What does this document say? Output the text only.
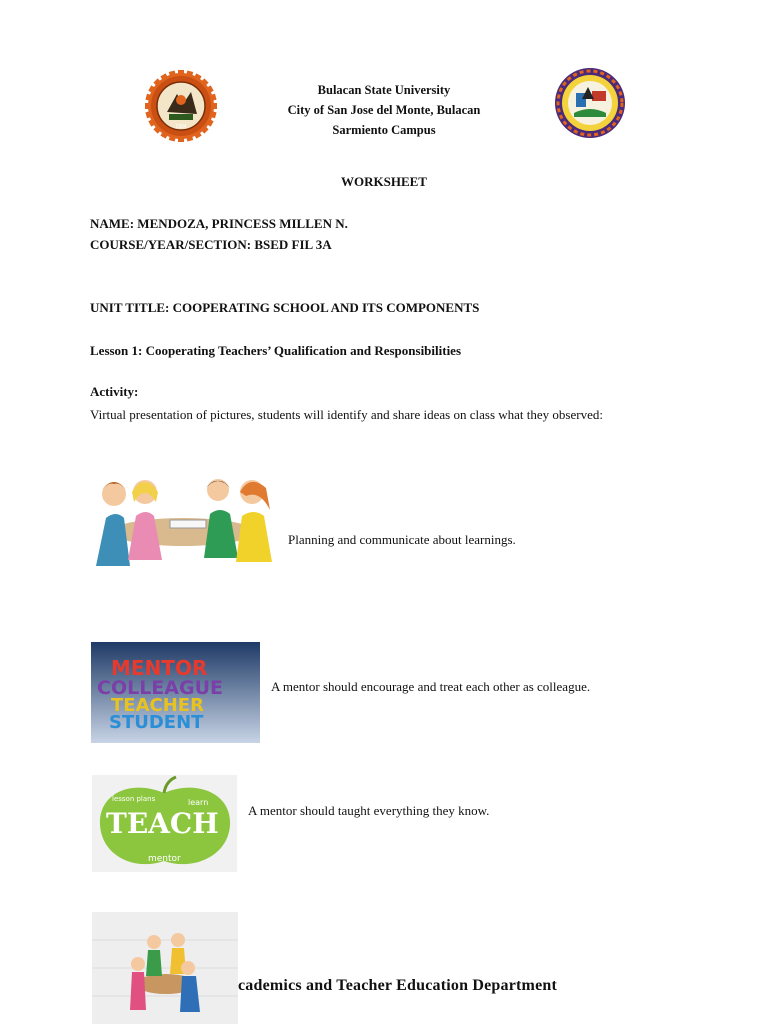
1904
Bulacan State University
City of San Jose del Monte, Bulacan
Sarmiento Campus
WORKSHEET
NAME: MENDOZA, PRINCESS MILLEN N.
COURSE/YEAR/SECTION: BSED FIL 3A
UNIT TITLE: COOPERATING SCHOOL AND ITS COMPONENTS
Lesson 1: Cooperating Teachers’ Qualification and Responsibilities
Activity:
Virtual presentation of pictures, students will identify and share ideas on class what they observed:
Planning and communicate about learnings.
MENTOR
COLLEAGUE
TEACHER
STUDENT
A mentor should encourage and treat each other as colleague.
TEACH
lesson plans
mentor
learn
A mentor should taught everything they know.
cademics and Teacher Education Department
